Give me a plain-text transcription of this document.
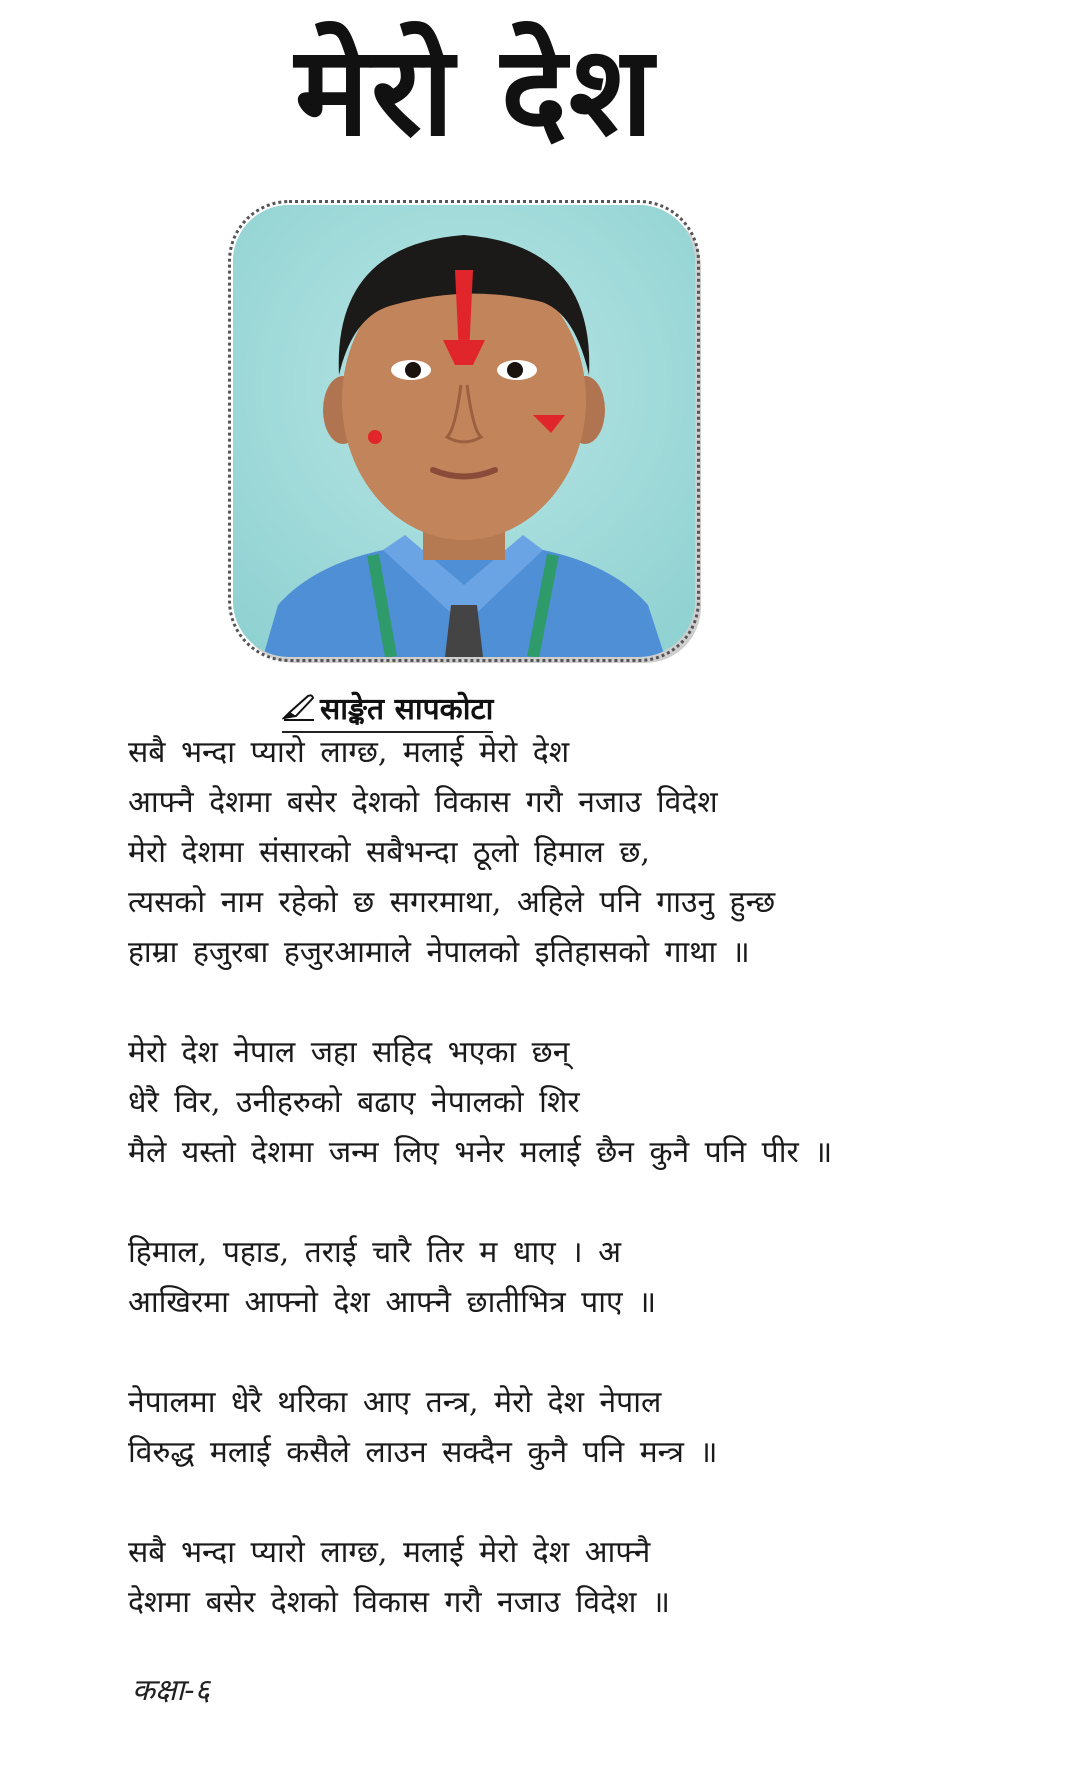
मेरो देश
साङ्केत सापकोटा
सबै भन्दा प्यारो लाग्छ, मलाई मेरो देश
आफ्नै देशमा बसेर देशको विकास गरौ नजाउ विदेश
मेरो देशमा संसारको सबैभन्दा ठूलो हिमाल छ,
त्यसको नाम रहेको छ सगरमाथा, अहिले पनि गाउनु हुन्छ
हाम्रा हजुरबा हजुरआमाले नेपालको इतिहासको गाथा ॥
मेरो देश नेपाल जहा सहिद भएका छन्
धेरै विर, उनीहरुको बढाए नेपालको शिर
मैले यस्तो देशमा जन्म लिए भनेर मलाई छैन कुनै पनि पीर ॥
हिमाल, पहाड, तराई चारै तिर म धाए । अ
आखिरमा आफ्नो देश आफ्नै छातीभित्र पाए ॥
नेपालमा धेरै थरिका आए तन्त्र, मेरो देश नेपाल
विरुद्ध मलाई कसैले लाउन सक्दैन कुनै पनि मन्त्र ॥
सबै भन्दा प्यारो लाग्छ, मलाई मेरो देश आफ्नै
देशमा बसेर देशको विकास गरौ नजाउ विदेश ॥
कक्षा-६
